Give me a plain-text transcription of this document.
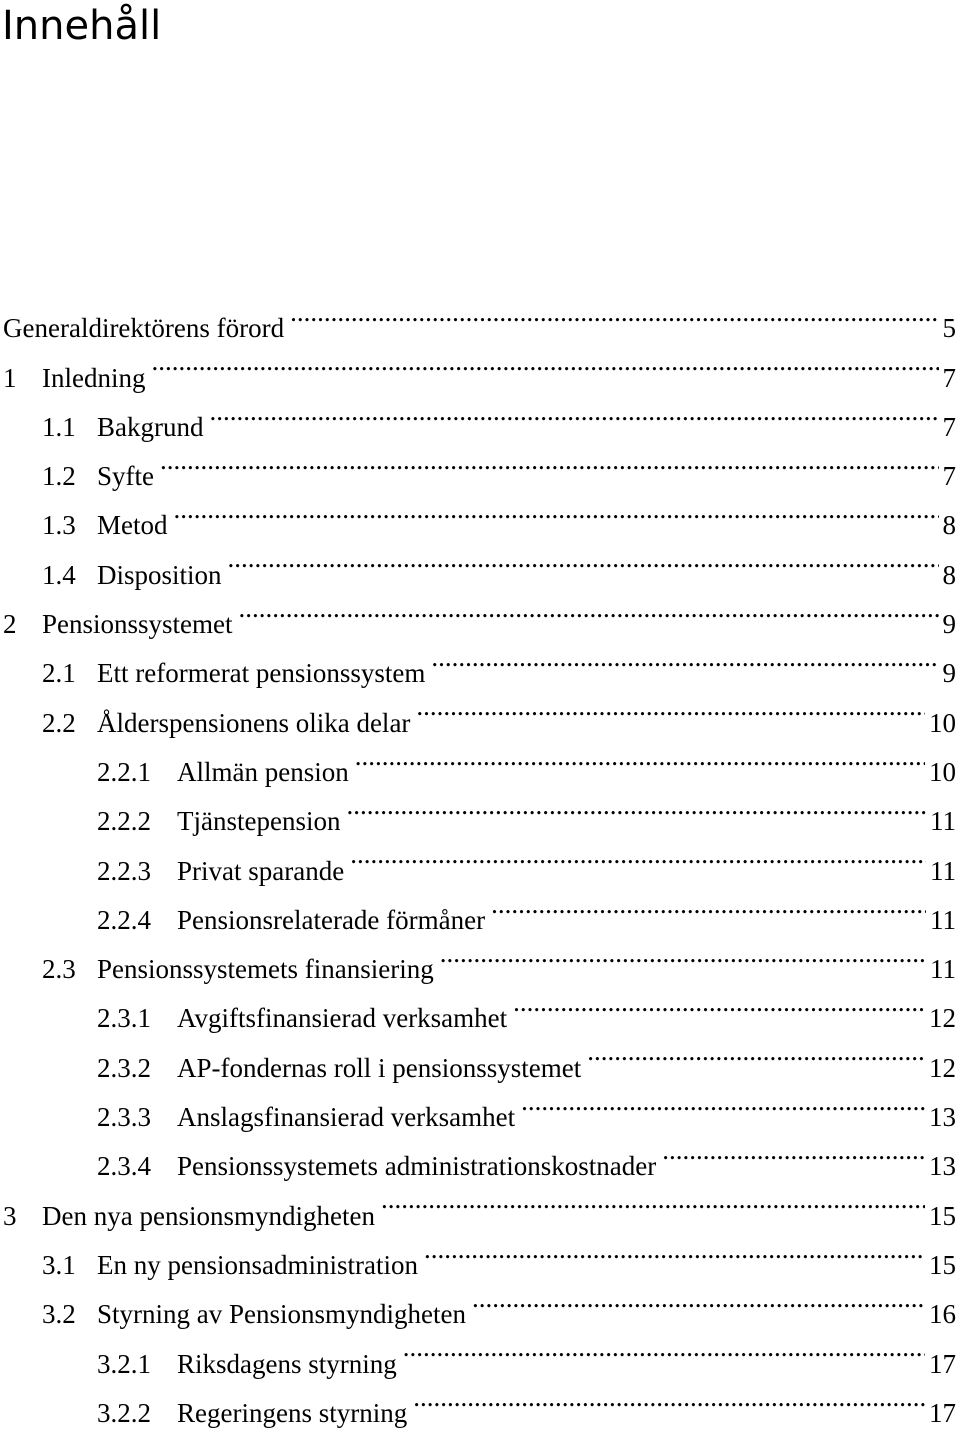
Innehåll
Generaldirektörens förord .....	5
1 Inledning .....	7
1.1 Bakgrund .....	7
1.2 Syfte .....	7
1.3 Metod .....	8
1.4 Disposition .....	8
2 Pensionssystemet .....	9
2.1 Ett reformerat pensionssystem .....	9
2.2 Ålderspensionens olika delar .....	10
2.2.1 Allmän pension .....	10
2.2.2 Tjänstepension .....	11
2.2.3 Privat sparande .....	11
2.2.4 Pensionsrelaterade förmåner .....	11
2.3 Pensionssystemets finansiering .....	11
2.3.1 Avgiftsfinansierad verksamhet .....	12
2.3.2 AP-fondernas roll i pensionssystemet .....	12
2.3.3 Anslagsfinansierad verksamhet .....	13
2.3.4 Pensionssystemets administrationskostnader .....	13
3 Den nya pensionsmyndigheten .....	15
3.1 En ny pensionsadministration .....	15
3.2 Styrning av Pensionsmyndigheten .....	16
3.2.1 Riksdagens styrning .....	17
3.2.2 Regeringens styrning .....	17
